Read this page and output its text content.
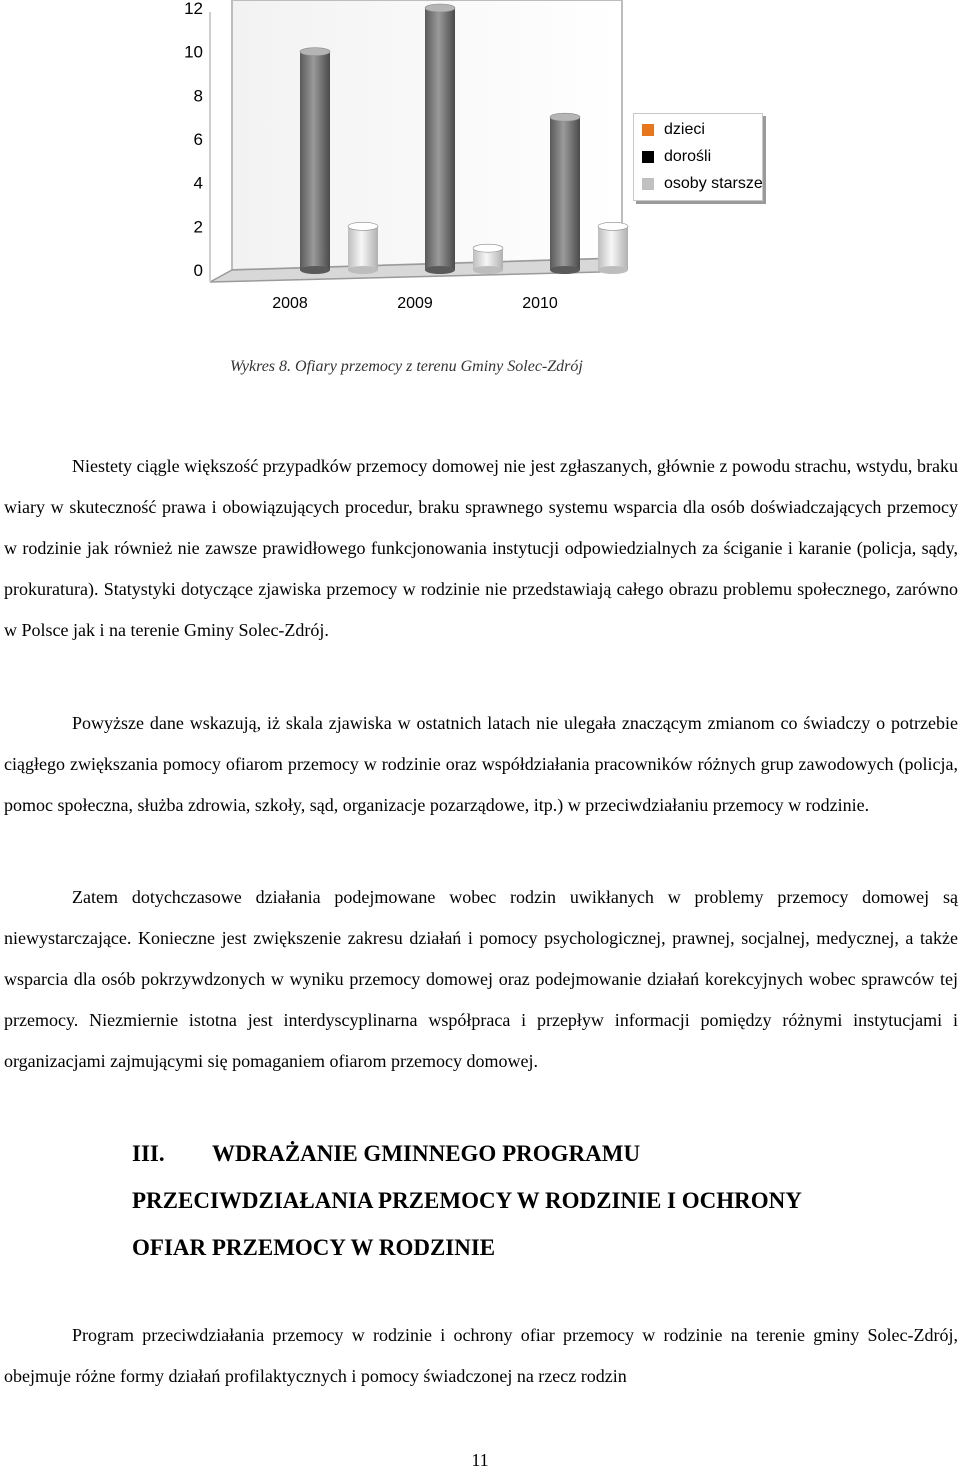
12
10
8
6
4
2
0
2008	2009	2010
dzieci
dorośli
osoby starsze
Wykres 8. Ofiary przemocy z terenu Gminy Solec-Zdrój
Niestety ciągle większość przypadków przemocy domowej nie jest zgłaszanych, głównie z powodu strachu, wstydu, braku wiary w skuteczność prawa i obowiązujących procedur, braku sprawnego systemu wsparcia dla osób doświadczających przemocy w rodzinie jak również nie zawsze prawidłowego funkcjonowania instytucji odpowiedzialnych za ściganie i karanie (policja, sądy, prokuratura). Statystyki dotyczące zjawiska przemocy w rodzinie nie przedstawiają całego obrazu problemu społecznego, zarówno w Polsce jak i na terenie Gminy Solec-Zdrój.
Powyższe dane wskazują, iż skala zjawiska w ostatnich latach nie ulegała znaczącym zmianom co świadczy o potrzebie ciągłego zwiększania pomocy ofiarom przemocy w rodzinie oraz współdziałania pracowników różnych grup zawodowych (policja, pomoc społeczna, służba zdrowia, szkoły, sąd, organizacje pozarządowe, itp.) w przeciwdziałaniu przemocy w rodzinie.
Zatem dotychczasowe działania podejmowane wobec rodzin uwikłanych w problemy przemocy domowej są niewystarczające. Konieczne jest zwiększenie zakresu działań i pomocy psychologicznej, prawnej, socjalnej, medycznej, a także wsparcia dla osób pokrzywdzonych w wyniku przemocy domowej oraz podejmowanie działań korekcyjnych wobec sprawców tej przemocy. Niezmiernie istotna jest interdyscyplinarna współpraca i przepływ informacji pomiędzy różnymi instytucjami i organizacjami zajmującymi się pomaganiem ofiarom przemocy domowej.
III. WDRAŻANIE GMINNEGO PROGRAMU
PRZECIWDZIAŁANIA PRZEMOCY W RODZINIE I OCHRONY
OFIAR PRZEMOCY W RODZINIE
Program przeciwdziałania przemocy w rodzinie i ochrony ofiar przemocy w rodzinie na terenie gminy Solec-Zdrój, obejmuje różne formy działań profilaktycznych i pomocy świadczonej na rzecz rodzin
11
